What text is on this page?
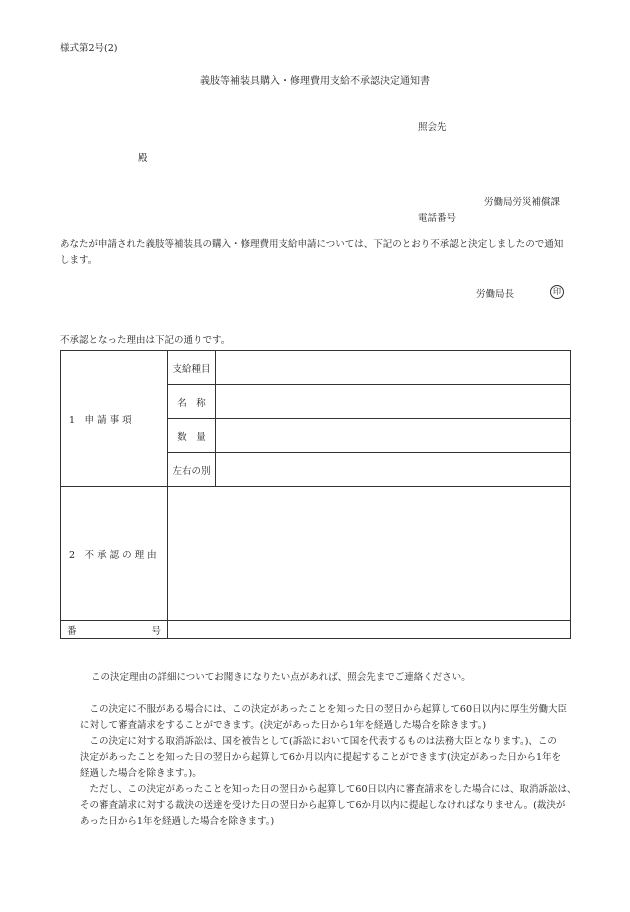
様式第2号(2)
義肢等補装具購入・修理費用支給不承認決定通知書
照会先
殿
労働局労災補償課
電話番号
あなたが申請された義肢等補装具の購入・修理費用支給申請については、下記のとおり不承認と決定しましたので通知
します。
労働局長	印
不承認となった理由は下記の通りです。
1　申 請 事 項	支給種目	
	名　称	
	数　量	
	左右の別	
2　不 承 認 の 理 由		

番 号		

この決定理由の詳細についてお聞きになりたい点があれば、照会先までご連絡ください。
　この決定に不服がある場合には、この決定があったことを知った日の翌日から起算して60日以内に厚生労働大臣
に対して審査請求をすることができます。(決定があった日から1年を経過した場合を除きます。)
　この決定に対する取消訴訟は、国を被告として(訴訟において国を代表するものは法務大臣となります。)、この
決定があったことを知った日の翌日から起算して6か月以内に提起することができます(決定があった日から1年を
経過した場合を除きます。)。
　ただし、この決定があったことを知った日の翌日から起算して60日以内に審査請求をした場合には、取消訴訟は、
その審査請求に対する裁決の送達を受けた日の翌日から起算して6か月以内に提起しなければなりません。(裁決が
あった日から1年を経過した場合を除きます。)
